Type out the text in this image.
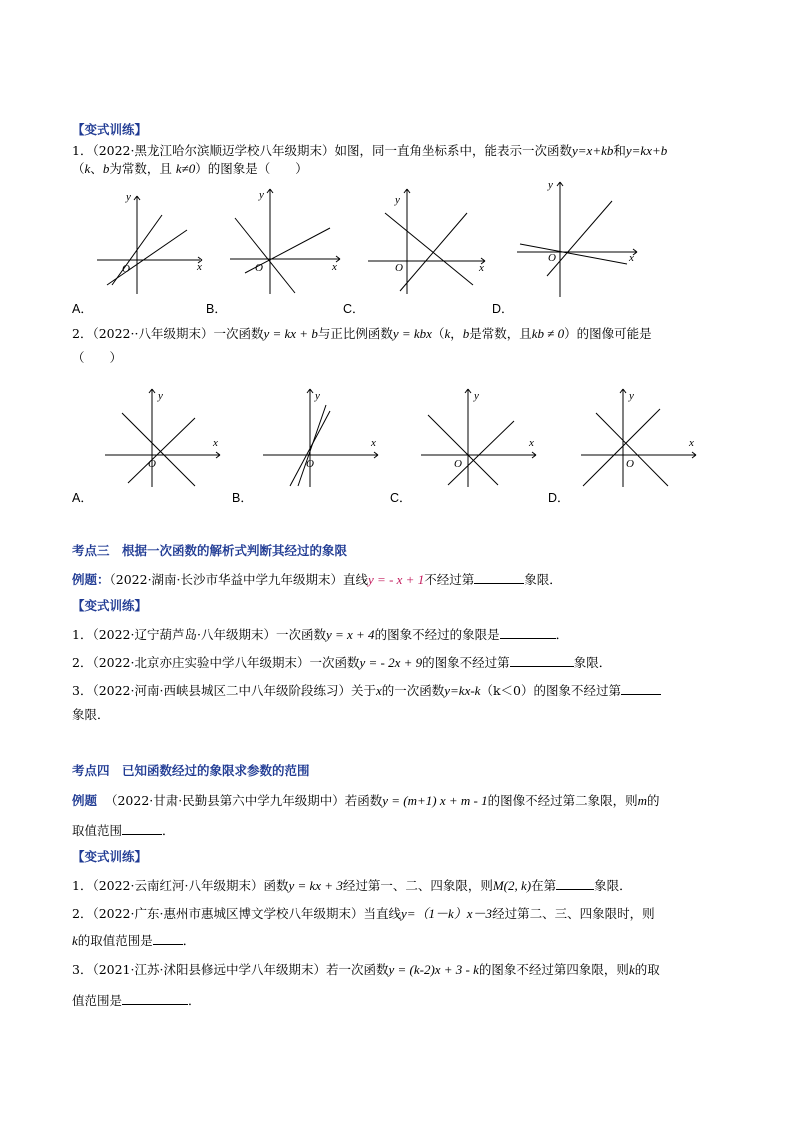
【变式训练】
1．（2022·黑龙江哈尔滨顺迈学校八年级期末）如图，同一直角坐标系中，能表示一次函数y=x+kb和y=kx+b
（k、b为常数，且 k≠0）的图象是（　　）
y
x
O
y
x
O
y
x
O
y
x
O
A．	B．	C．	D．
2．（2022··八年级期末）一次函数y = kx + b与正比例函数y = kbx（k，b是常数，且kb ≠ 0）的图像可能是
（　　）
y
x
O
y
x
O
y
x
O
y
x
O
A．	B．	C．	D．
考点三　根据一次函数的解析式判断其经过的象限
例题：（2022·湖南·长沙市华益中学九年级期末）直线y = - x + 1不经过第	象限．
【变式训练】
1．（2022·辽宁葫芦岛·八年级期末）一次函数y = x + 4的图象不经过的象限是	．
2．（2022·北京亦庄实验中学八年级期末）一次函数y = - 2x + 9的图象不经过第	象限．
3．（2022·河南·西峡县城区二中八年级阶段练习）关于x的一次函数y=kx-k（k＜0）的图象不经过第
象限．
考点四　已知函数经过的象限求参数的范围
例题 （2022·甘肃·民勤县第六中学九年级期中）若函数y = (m+1) x + m - 1的图像不经过第二象限，则m的
取值范围	．
【变式训练】
1．（2022·云南红河·八年级期末）函数y = kx + 3经过第一、二、四象限，则M(2, k)在第	象限．
2．（2022·广东·惠州市惠城区博文学校八年级期末）当直线y=（1－k）x－3经过第二、三、四象限时，则
k的取值范围是 ．
3．（2021·江苏·沭阳县修远中学八年级期末）若一次函数y = (k-2)x + 3 - k的图象不经过第四象限，则k的取
值范围是	．
